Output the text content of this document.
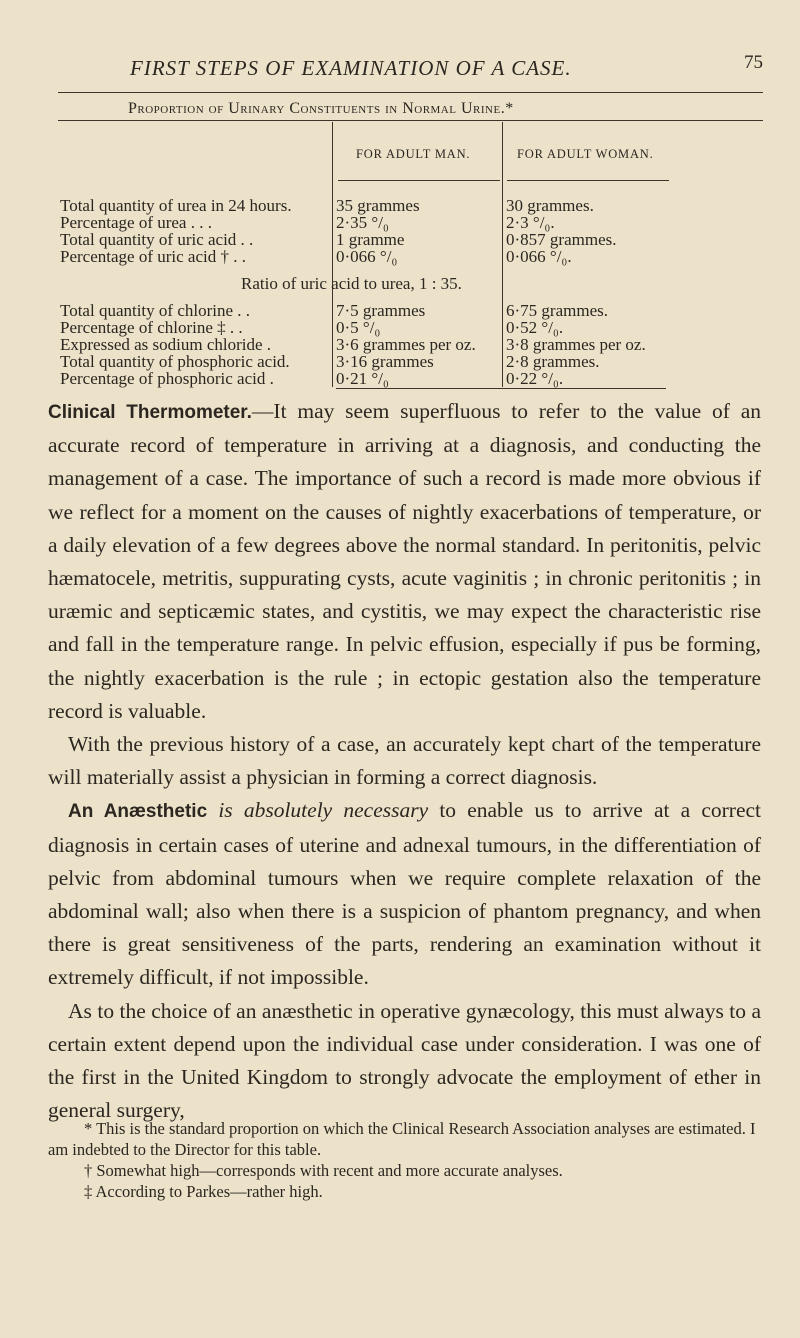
FIRST STEPS OF EXAMINATION OF A CASE.	75
Proportion of Urinary Constituents in Normal Urine.*
FOR ADULT MAN.	FOR ADULT WOMAN.
Total quantity of urea in 24 hours.
Percentage of urea . . .
Total quantity of uric acid . .
Percentage of uric acid † . .
35 grammes
2·35 °/₀
1 gramme
0·066 °/₀
30 grammes.
2·3 °/₀.
0·857 grammes.
0·066 °/₀.
Ratio of uric acid to urea, 1 : 35.
Total quantity of chlorine . .
Percentage of chlorine ‡ . .
Expressed as sodium chloride .
Total quantity of phosphoric acid.
Percentage of phosphoric acid .
7·5 grammes
0·5 °/₀
3·6 grammes per oz.
3·16 grammes
0·21 °/₀
6·75 grammes.
0·52 °/₀.
3·8 grammes per oz.
2·8 grammes.
0·22 °/₀.

Clinical Thermometer.—It may seem superfluous to refer to the value of an accurate record of temperature in arriving at a diagnosis, and conducting the management of a case. The importance of such a record is made more obvious if we reflect for a moment on the causes of nightly exacerbations of temperature, or a daily elevation of a few degrees above the normal standard. In peritonitis, pelvic hæmatocele, metritis, suppurating cysts, acute vaginitis ; in chronic peritonitis ; in uræmic and septicæmic states, and cystitis, we may expect the characteristic rise and fall in the temperature range. In pelvic effusion, especially if pus be forming, the nightly exacerbation is the rule ; in ectopic gestation also the temperature record is valuable.

With the previous history of a case, an accurately kept chart of the temperature will materially assist a physician in forming a correct diagnosis.

An Anæsthetic is absolutely necessary to enable us to arrive at a correct diagnosis in certain cases of uterine and adnexal tumours, in the differentiation of pelvic from abdominal tumours when we require complete relaxation of the abdominal wall; also when there is a suspicion of phantom pregnancy, and when there is great sensitiveness of the parts, rendering an examination without it extremely difficult, if not impossible.

As to the choice of an anæsthetic in operative gynæcology, this must always to a certain extent depend upon the individual case under consideration. I was one of the first in the United Kingdom to strongly advocate the employment of ether in general surgery,

* This is the standard proportion on which the Clinical Research Association analyses are estimated. I am indebted to the Director for this table.

† Somewhat high—corresponds with recent and more accurate analyses.

‡ According to Parkes—rather high.
